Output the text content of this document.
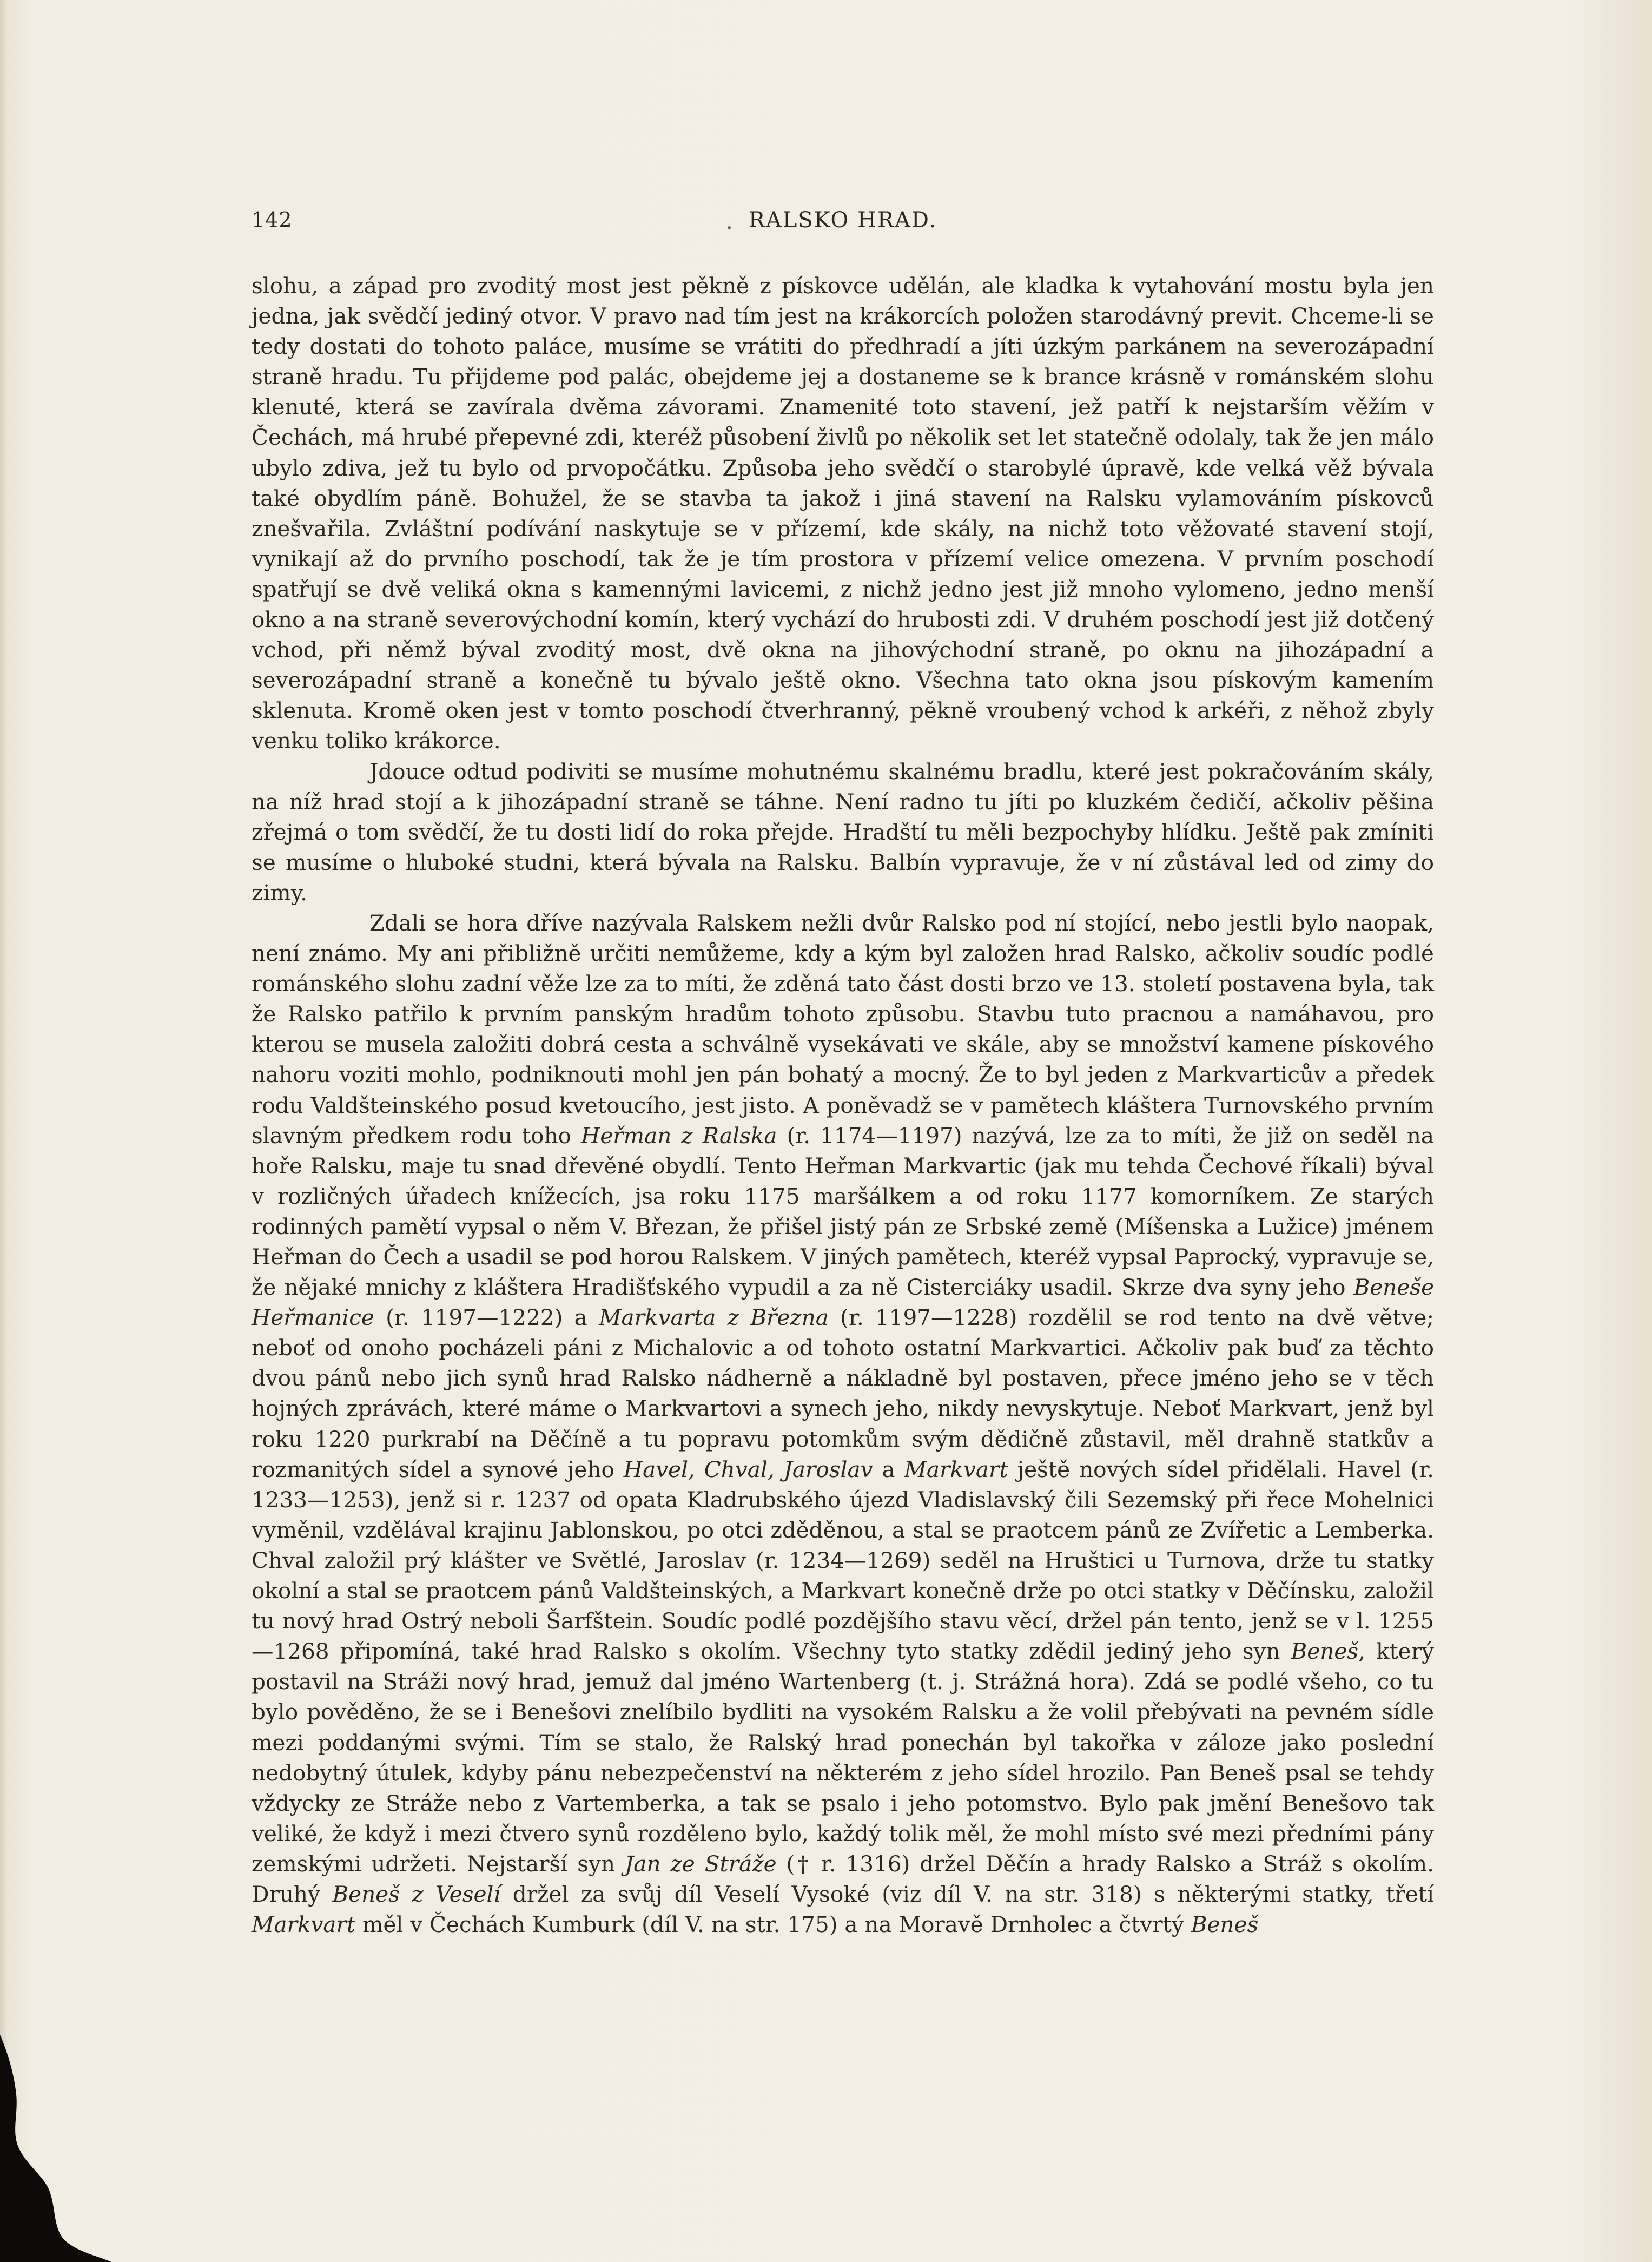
142	RALSKO HRAD.

slohu, a západ pro zvoditý most jest pěkně z pískovce udělán, ale kladka k vytahování mostu byla jen jedna, jak svědčí jediný otvor. V pravo nad tím jest na krákorcích položen starodávný previt. Chceme-li se tedy dostati do tohoto paláce, musíme se vrátiti do předhradí a jíti úzkým parkánem na severozápadní straně hradu. Tu přijdeme pod palác, obejdeme jej a dostaneme se k brance krásně v románském slohu klenuté, která se zavírala dvěma závorami. Znamenité toto stavení, jež patří k nejstarším věžím v Čechách, má hrubé přepevné zdi, kteréž působení živlů po několik set let statečně odolaly, tak že jen málo ubylo zdiva, jež tu bylo od prvopočátku. Způsoba jeho svědčí o starobylé úpravě, kde velká věž bývala také obydlím páně. Bohužel, že se stavba ta jakož i jiná stavení na Ralsku vylamováním pískovců znešvařila. Zvláštní podívání naskytuje se v přízemí, kde skály, na nichž toto věžovaté stavení stojí, vynikají až do prvního poschodí, tak že je tím prostora v přízemí velice omezena. V prvním poschodí spatřují se dvě veliká okna s kamennými lavicemi, z nichž jedno jest již mnoho vylomeno, jedno menší okno a na straně severovýchodní komín, který vychází do hrubosti zdi. V druhém poschodí jest již dotčený vchod, při němž býval zvoditý most, dvě okna na jihovýchodní straně, po oknu na jihozápadní a severozápadní straně a konečně tu bývalo ještě okno. Všechna tato okna jsou pískovým kamením sklenuta. Kromě oken jest v tomto poschodí čtverhranný, pěkně vroubený vchod k arkéři, z něhož zbyly venku toliko krákorce.

Jdouce odtud podiviti se musíme mohutnému skalnému bradlu, které jest pokračováním skály, na níž hrad stojí a k jihozápadní straně se táhne. Není radno tu jíti po kluzkém čedičí, ačkoliv pěšina zřejmá o tom svědčí, že tu dosti lidí do roka přejde. Hradští tu měli bezpochyby hlídku. Ještě pak zmíniti se musíme o hluboké studni, která bývala na Ralsku. Balbín vypravuje, že v ní zůstával led od zimy do zimy.

Zdali se hora dříve nazývala Ralskem nežli dvůr Ralsko pod ní stojící, nebo jestli bylo naopak, není známo. My ani přibližně určiti nemůžeme, kdy a kým byl založen hrad Ralsko, ačkoliv soudíc podlé románského slohu zadní věže lze za to míti, že zděná tato část dosti brzo ve 13. století postavena byla, tak že Ralsko patřilo k prvním panským hradům tohoto způsobu. Stavbu tuto pracnou a namáhavou, pro kterou se musela založiti dobrá cesta a schválně vysekávati ve skále, aby se množství kamene pískového nahoru voziti mohlo, podniknouti mohl jen pán bohatý a mocný. Že to byl jeden z Markvarticův a předek rodu Valdšteinského posud kvetoucího, jest jisto. A poněvadž se v pamětech kláštera Turnovského prvním slavným předkem rodu toho Heřman z Ralska (r. 1174—1197) nazývá, lze za to míti, že již on seděl na hoře Ralsku, maje tu snad dřevěné obydlí. Tento Heřman Markvartic (jak mu tehda Čechové říkali) býval v rozličných úřadech knížecích, jsa roku 1175 maršálkem a od roku 1177 komorníkem. Ze starých rodinných pamětí vypsal o něm V. Březan, že přišel jistý pán ze Srbské země (Míšenska a Lužice) jménem Heřman do Čech a usadil se pod horou Ralskem. V jiných pamětech, kteréž vypsal Paprocký, vypravuje se, že nějaké mnichy z kláštera Hradišťského vypudil a za ně Cisterciáky usadil. Skrze dva syny jeho Beneše Heřmanice (r. 1197—1222) a Markvarta z Března (r. 1197—1228) rozdělil se rod tento na dvě větve; neboť od onoho pocházeli páni z Michalovic a od tohoto ostatní Markvartici. Ačkoliv pak buď za těchto dvou pánů nebo jich synů hrad Ralsko nádherně a nákladně byl postaven, přece jméno jeho se v těch hojných zprávách, které máme o Markvartovi a synech jeho, nikdy nevyskytuje. Neboť Markvart, jenž byl roku 1220 purkrabí na Děčíně a tu popravu potomkům svým dědičně zůstavil, měl drahně statkův a rozmanitých sídel a synové jeho Havel, Chval, Jaroslav a Markvart ještě nových sídel přidělali. Havel (r. 1233—1253), jenž si r. 1237 od opata Kladrubského újezd Vladislavský čili Sezemský při řece Mohelnici vyměnil, vzdělával krajinu Jablonskou, po otci zděděnou, a stal se praotcem pánů ze Zvířetic a Lemberka. Chval založil prý klášter ve Světlé, Jaroslav (r. 1234—1269) seděl na Hruštici u Turnova, drže tu statky okolní a stal se praotcem pánů Valdšteinských, a Markvart konečně drže po otci statky v Děčínsku, založil tu nový hrad Ostrý neboli Šarfštein. Soudíc podlé pozdějšího stavu věcí, držel pán tento, jenž se v l. 1255—1268 připomíná, také hrad Ralsko s okolím. Všechny tyto statky zdědil jediný jeho syn Beneš, který postavil na Stráži nový hrad, jemuž dal jméno Wartenberg (t. j. Strážná hora). Zdá se podlé všeho, co tu bylo pověděno, že se i Benešovi znelíbilo bydliti na vysokém Ralsku a že volil přebývati na pevném sídle mezi poddanými svými. Tím se stalo, že Ralský hrad ponechán byl takořka v záloze jako poslední nedobytný útulek, kdyby pánu nebezpečenství na některém z jeho sídel hrozilo. Pan Beneš psal se tehdy vždycky ze Stráže nebo z Vartemberka, a tak se psalo i jeho potomstvo. Bylo pak jmění Benešovo tak veliké, že když i mezi čtvero synů rozděleno bylo, každý tolik měl, že mohl místo své mezi předními pány zemskými udržeti. Nejstarší syn Jan ze Stráže († r. 1316) držel Děčín a hrady Ralsko a Stráž s okolím. Druhý Beneš z Veselí držel za svůj díl Veselí Vysoké (viz díl V. na str. 318) s některými statky, třetí Markvart měl v Čechách Kumburk (díl V. na str. 175) a na Moravě Drnholec a čtvrtý Beneš
